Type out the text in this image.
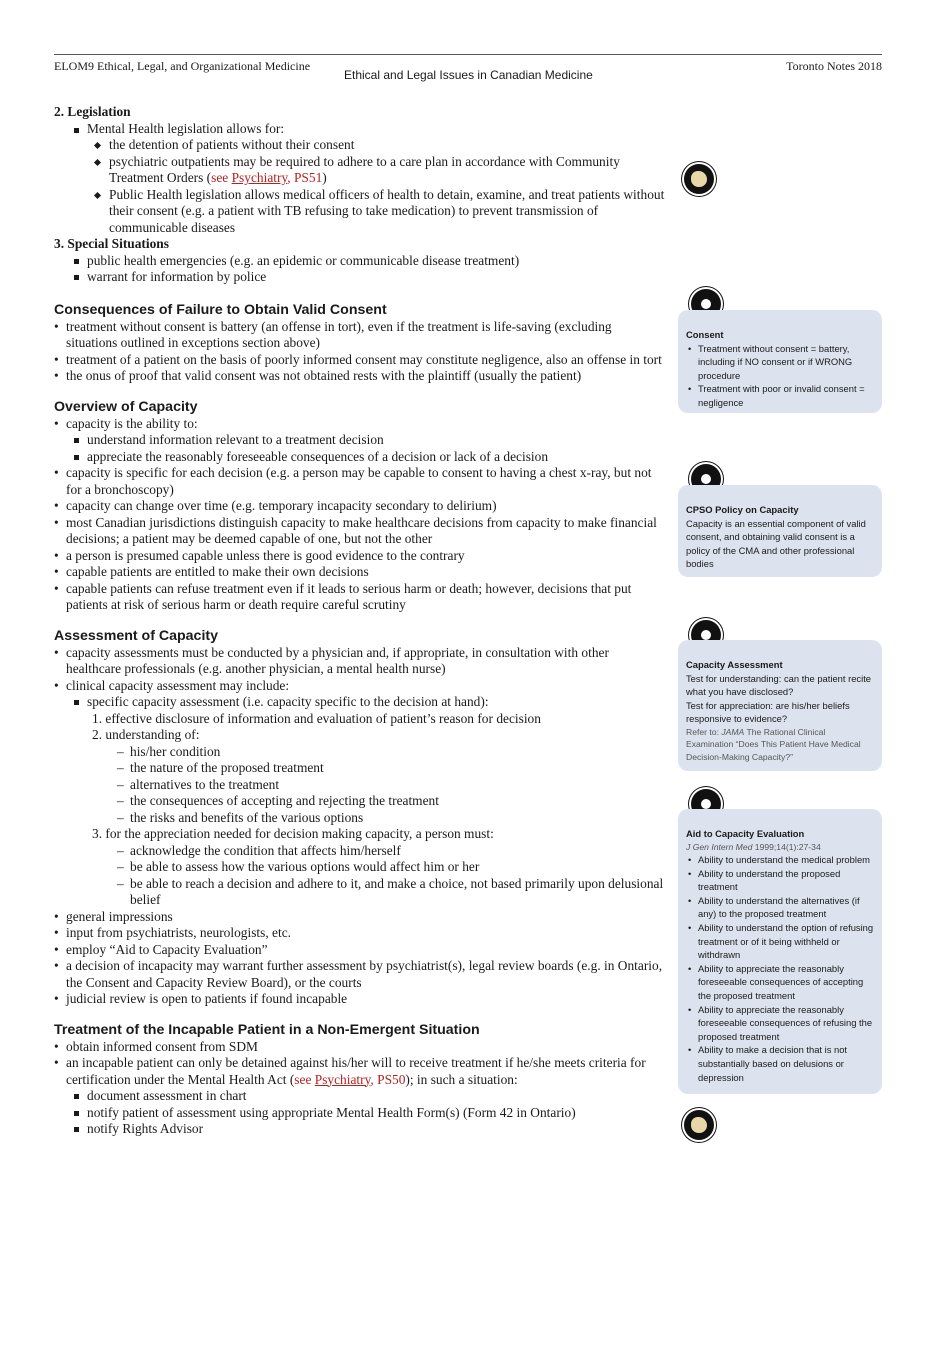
ELOM9 Ethical, Legal, and Organizational Medicine
Ethical and Legal Issues in Canadian Medicine
Toronto Notes 2018
2. Legislation
Mental Health legislation allows for:
the detention of patients without their consent
psychiatric outpatients may be required to adhere to a care plan in accordance with Community Treatment Orders (see Psychiatry, PS51)
Public Health legislation allows medical officers of health to detain, examine, and treat patients without their consent (e.g. a patient with TB refusing to take medication) to prevent transmission of communicable diseases
3. Special Situations
public health emergencies (e.g. an epidemic or communicable disease treatment)
warrant for information by police
Consequences of Failure to Obtain Valid Consent
• treatment without consent is battery (an offense in tort), even if the treatment is life-saving (excluding situations outlined in exceptions section above)
• treatment of a patient on the basis of poorly informed consent may constitute negligence, also an offense in tort
• the onus of proof that valid consent was not obtained rests with the plaintiff (usually the patient)
Overview of Capacity
• capacity is the ability to:
understand information relevant to a treatment decision
appreciate the reasonably foreseeable consequences of a decision or lack of a decision
• capacity is specific for each decision (e.g. a person may be capable to consent to having a chest x-ray, but not for a bronchoscopy)
• capacity can change over time (e.g. temporary incapacity secondary to delirium)
• most Canadian jurisdictions distinguish capacity to make healthcare decisions from capacity to make financial decisions; a patient may be deemed capable of one, but not the other
• a person is presumed capable unless there is good evidence to the contrary
• capable patients are entitled to make their own decisions
• capable patients can refuse treatment even if it leads to serious harm or death; however, decisions that put patients at risk of serious harm or death require careful scrutiny
Assessment of Capacity
• capacity assessments must be conducted by a physician and, if appropriate, in consultation with other healthcare professionals (e.g. another physician, a mental health nurse)
• clinical capacity assessment may include:
specific capacity assessment (i.e. capacity specific to the decision at hand):
1. effective disclosure of information and evaluation of patient’s reason for decision
2. understanding of:
– his/her condition
– the nature of the proposed treatment
– alternatives to the treatment
– the consequences of accepting and rejecting the treatment
– the risks and benefits of the various options
3. for the appreciation needed for decision making capacity, a person must:
– acknowledge the condition that affects him/herself
– be able to assess how the various options would affect him or her
– be able to reach a decision and adhere to it, and make a choice, not based primarily upon delusional belief
• general impressions
• input from psychiatrists, neurologists, etc.
• employ “Aid to Capacity Evaluation”
• a decision of incapacity may warrant further assessment by psychiatrist(s), legal review boards (e.g. in Ontario, the Consent and Capacity Review Board), or the courts
• judicial review is open to patients if found incapable
Treatment of the Incapable Patient in a Non-Emergent Situation
• obtain informed consent from SDM
• an incapable patient can only be detained against his/her will to receive treatment if he/she meets criteria for certification under the Mental Health Act (see Psychiatry, PS50); in such a situation:
document assessment in chart
notify patient of assessment using appropriate Mental Health Form(s) (Form 42 in Ontario)
notify Rights Advisor
Consent
• Treatment without consent = battery, including if NO consent or if WRONG procedure
• Treatment with poor or invalid consent = negligence
CPSO Policy on Capacity
Capacity is an essential component of valid consent, and obtaining valid consent is a policy of the CMA and other professional bodies
Capacity Assessment
Test for understanding: can the patient recite what you have disclosed?
Test for appreciation: are his/her beliefs responsive to evidence?
Refer to: JAMA The Rational Clinical Examination “Does This Patient Have Medical Decision-Making Capacity?”
Aid to Capacity Evaluation
J Gen Intern Med 1999;14(1):27-34
• Ability to understand the medical problem
• Ability to understand the proposed treatment
• Ability to understand the alternatives (if any) to the proposed treatment
• Ability to understand the option of refusing treatment or of it being withheld or withdrawn
• Ability to appreciate the reasonably foreseeable consequences of accepting the proposed treatment
• Ability to appreciate the reasonably foreseeable consequences of refusing the proposed treatment
• Ability to make a decision that is not substantially based on delusions or depression
